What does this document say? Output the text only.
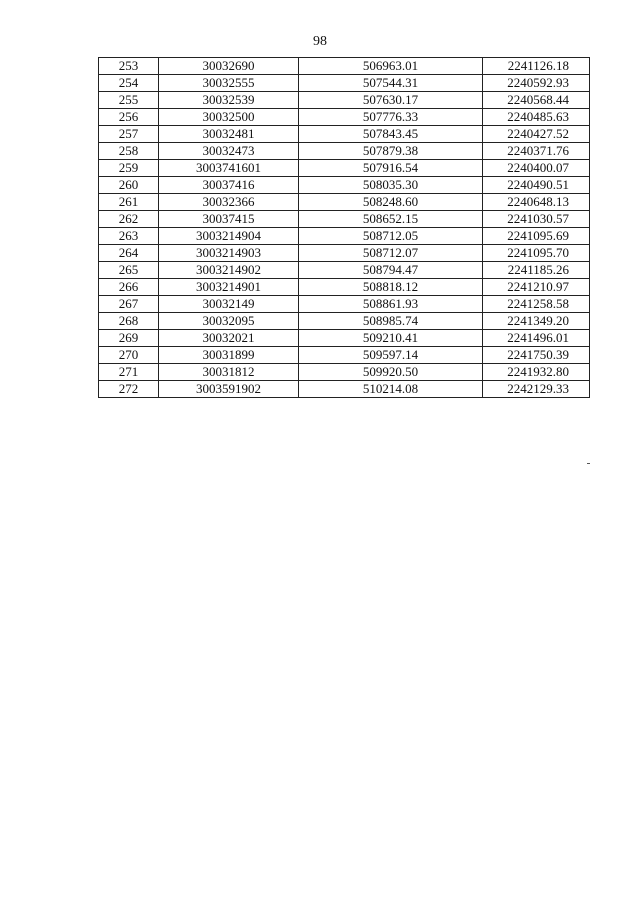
98
253	30032690	506963.01	2241126.18
254	30032555	507544.31	2240592.93
255	30032539	507630.17	2240568.44
256	30032500	507776.33	2240485.63
257	30032481	507843.45	2240427.52
258	30032473	507879.38	2240371.76
259	3003741601	507916.54	2240400.07
260	30037416	508035.30	2240490.51
261	30032366	508248.60	2240648.13
262	30037415	508652.15	2241030.57
263	3003214904	508712.05	2241095.69
264	3003214903	508712.07	2241095.70
265	3003214902	508794.47	2241185.26
266	3003214901	508818.12	2241210.97
267	30032149	508861.93	2241258.58
268	30032095	508985.74	2241349.20
269	30032021	509210.41	2241496.01
270	30031899	509597.14	2241750.39
271	30031812	509920.50	2241932.80
272	3003591902	510214.08	2242129.33
